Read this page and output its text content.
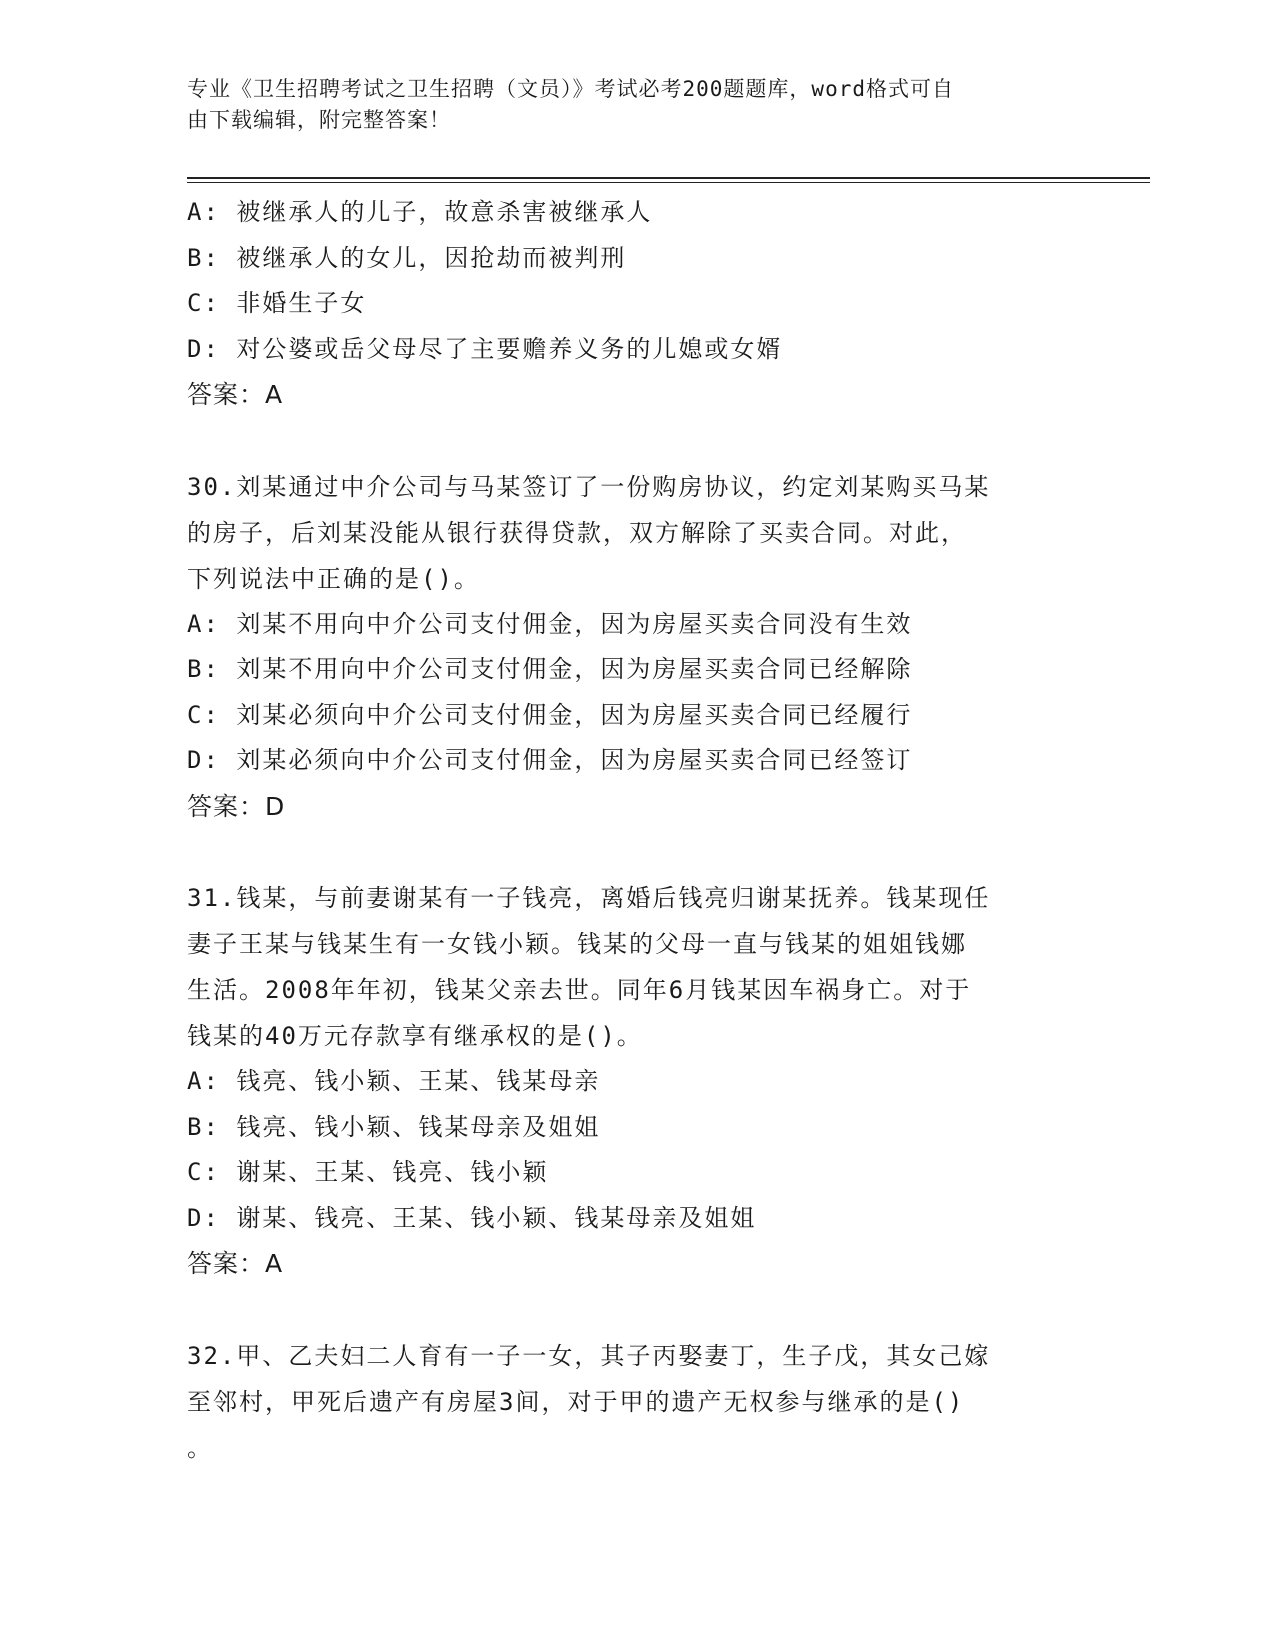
专业《卫生招聘考试之卫生招聘（文员）》考试必考200题题库，word格式可自
由下载编辑，附完整答案！
A: 被继承人的儿子，故意杀害被继承人
B: 被继承人的女儿，因抢劫而被判刑
C: 非婚生子女
D: 对公婆或岳父母尽了主要赡养义务的儿媳或女婿
答案：A
30.刘某通过中介公司与马某签订了一份购房协议，约定刘某购买马某
的房子，后刘某没能从银行获得贷款，双方解除了买卖合同。对此，
下列说法中正确的是()。
A: 刘某不用向中介公司支付佣金，因为房屋买卖合同没有生效
B: 刘某不用向中介公司支付佣金，因为房屋买卖合同已经解除
C: 刘某必须向中介公司支付佣金，因为房屋买卖合同已经履行
D: 刘某必须向中介公司支付佣金，因为房屋买卖合同已经签订
答案：D
31.钱某，与前妻谢某有一子钱亮，离婚后钱亮归谢某抚养。钱某现任
妻子王某与钱某生有一女钱小颖。钱某的父母一直与钱某的姐姐钱娜
生活。2008年年初，钱某父亲去世。同年6月钱某因车祸身亡。对于
钱某的40万元存款享有继承权的是()。
A: 钱亮、钱小颖、王某、钱某母亲
B: 钱亮、钱小颖、钱某母亲及姐姐
C: 谢某、王某、钱亮、钱小颖
D: 谢某、钱亮、王某、钱小颖、钱某母亲及姐姐
答案：A
32.甲、乙夫妇二人育有一子一女，其子丙娶妻丁，生子戊，其女己嫁
至邻村，甲死后遗产有房屋3间，对于甲的遗产无权参与继承的是()
。
